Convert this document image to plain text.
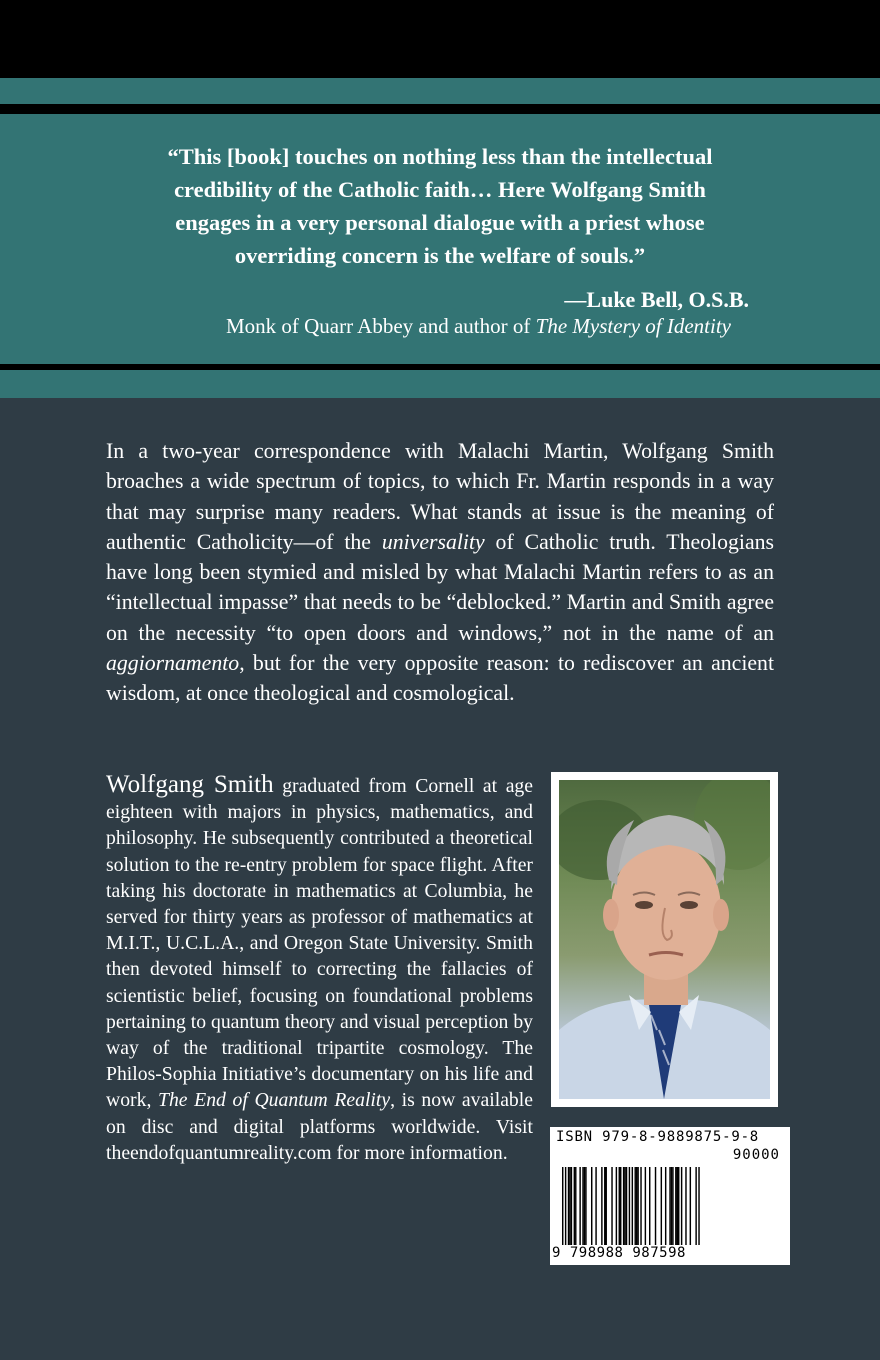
“This [book] touches on nothing less than the intellectual
credibility of the Catholic faith… Here Wolfgang Smith
engages in a very personal dialogue with a priest whose
overriding concern is the welfare of souls.”
—Luke Bell, O.S.B.
Monk of Quarr Abbey and author of The Mystery of Identity
In a two-year correspondence with Malachi Martin, Wolfgang Smith broaches a wide spectrum of topics, to which Fr. Martin responds in a way that may surprise many readers. What stands at issue is the meaning of authentic Catholicity—of the universality of Catholic truth. Theologians have long been stymied and misled by what Malachi Martin refers to as an “intellectual impasse” that needs to be “deblocked.” Martin and Smith agree on the necessity “to open doors and windows,” not in the name of an aggiornamento, but for the very opposite reason: to rediscover an ancient wisdom, at once theological and cosmological.
Wolfgang Smith graduated from Cornell at age eighteen with majors in physics, mathematics, and philosophy. He subsequently contributed a theoretical solution to the re-entry problem for space flight. After taking his doctorate in mathematics at Columbia, he served for thirty years as professor of mathematics at M.I.T., U.C.L.A., and Oregon State University. Smith then devoted himself to correcting the fallacies of scientistic belief, focusing on foundational problems pertaining to quantum theory and visual perception by way of the traditional tripartite cosmology. The Philos-Sophia Initiative’s documentary on his life and work, The End of Quantum Reality, is now available on disc and digital platforms worldwide. Visit theendofquantumreality.com for more information.
ISBN 979-8-9889875-9-8
90000
9 798988 987598
